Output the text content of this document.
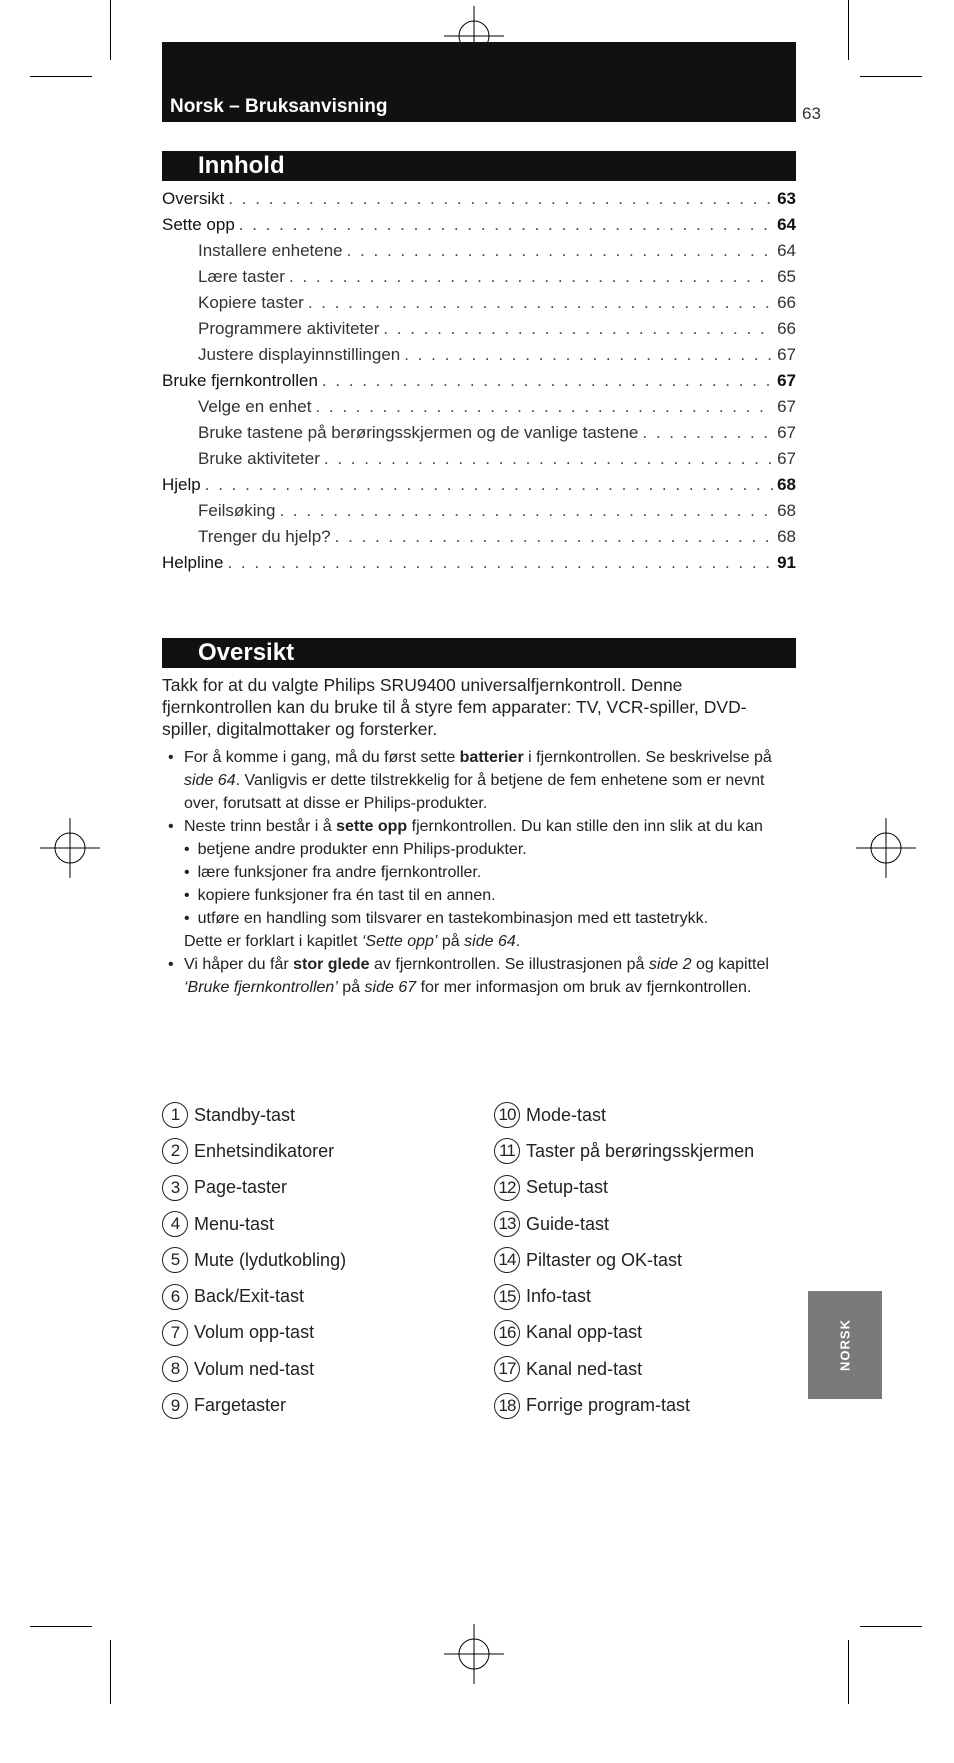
Norsk – Bruksanvisning	63
Innhold
Oversikt . . .	63
Sette opp . . .	64
Installere enhetene . . .	64
Lære taster . . .	65
Kopiere taster . . .	66
Programmere aktiviteter . . .	66
Justere displayinnstillingen . . .	67
Bruke fjernkontrollen . . .	67
Velge en enhet . . .	67
Bruke tastene på berøringsskjermen og de vanlige tastene . . .	67
Bruke aktiviteter . . .	67
Hjelp . . .	68
Feilsøking . . .	68
Trenger du hjelp? . . .	68
Helpline . . .	91
Oversikt
Takk for at du valgte Philips SRU9400 universalfjernkontroll. Denne fjernkontrollen kan du bruke til å styre fem apparater: TV, VCR-spiller, DVD-spiller, digitalmottaker og forsterker.
• For å komme i gang, må du først sette batterier i fjernkontrollen. Se beskrivelse på side 64. Vanligvis er dette tilstrekkelig for å betjene de fem enhetene som er nevnt over, forutsatt at disse er Philips-produkter.
• Neste trinn består i å sette opp fjernkontrollen. Du kan stille den inn slik at du kan
• betjene andre produkter enn Philips-produkter.
• lære funksjoner fra andre fjernkontroller.
• kopiere funksjoner fra én tast til en annen.
• utføre en handling som tilsvarer en tastekombinasjon med ett tastetrykk.
Dette er forklart i kapitlet ‘Sette opp’ på side 64.
• Vi håper du får stor glede av fjernkontrollen. Se illustrasjonen på side 2 og kapittel ‘Bruke fjernkontrollen’ på side 67 for mer informasjon om bruk av fjernkontrollen.
1 Standby-tast
2 Enhetsindikatorer
3 Page-taster
4 Menu-tast
5 Mute (lydutkobling)
6 Back/Exit-tast
7 Volum opp-tast
8 Volum ned-tast
9 Fargetaster
10 Mode-tast
11 Taster på berøringsskjermen
12 Setup-tast
13 Guide-tast
14 Piltaster og OK-tast
15 Info-tast
16 Kanal opp-tast
17 Kanal ned-tast
18 Forrige program-tast
NORSK
